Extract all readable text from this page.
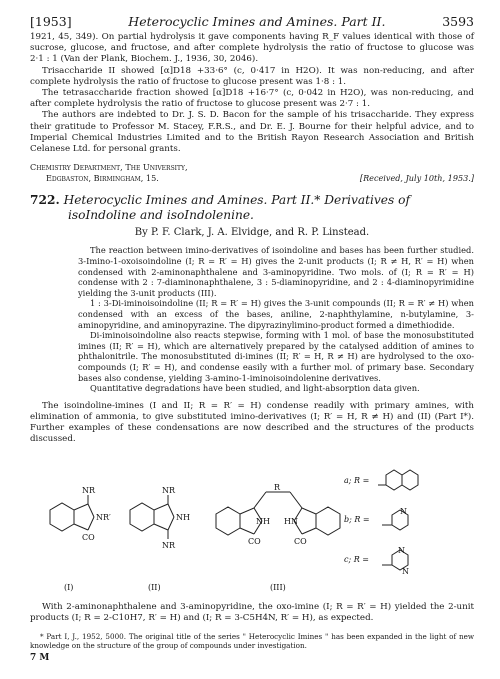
[1953]	Heterocyclic Imines and Amines. Part II.	3593

1921, 45, 349). On partial hydrolysis it gave components having R_F values identical with those of sucrose, glucose, and fructose, and after complete hydrolysis the ratio of fructose to glucose was 2·1 : 1 (Van der Plank, Biochem. J., 1936, 30, 2046).

Trisaccharide II showed [α]D18 +33·6° (c, 0·417 in H2O). It was non-reducing, and after complete hydrolysis the ratio of fructose to glucose present was 1·8 : 1.

The tetrasaccharide fraction showed [α]D18 +16·7° (c, 0·042 in H2O), was non-reducing, and after complete hydrolysis the ratio of fructose to glucose present was 2·7 : 1.

The authors are indebted to Dr. J. S. D. Bacon for the sample of his trisaccharide. They express their gratitude to Professor M. Stacey, F.R.S., and Dr. E. J. Bourne for their helpful advice, and to Imperial Chemical Industries Limited and to the British Rayon Research Association and British Celanese Ltd. for personal grants.

Chemistry Department, The University,
Edgbaston, Birmingham, 15.	[Received, July 10th, 1953.]
722. Heterocyclic Imines and Amines. Part II.* Derivatives of
isoIndoline and isoIndolenine.
By P. F. Clark, J. A. Elvidge, and R. P. Linstead.

The reaction between imino-derivatives of isoindoline and bases has been further studied. 3-Imino-1-oxoisoindoline (I; R = R′ = H) gives the 2-unit products (I; R ≠ H, R′ = H) when condensed with 2-aminonaphthalene and 3-aminopyridine. Two mols. of (I; R = R′ = H) condense with 2 : 7-diaminonaphthalene, 3 : 5-diaminopyridine, and 2 : 4-diaminopyrimidine yielding the 3-unit products (III).

1 : 3-Di-iminoisoindoline (II; R = R′ = H) gives the 3-unit compounds (II; R = R′ ≠ H) when condensed with an excess of the bases, aniline, 2-naphthylamine, n-butylamine, 3-aminopyridine, and aminopyrazine. The dipyrazinylimino-product formed a dimethiodide.

Di-iminoisoindoline also reacts stepwise, forming with 1 mol. of base the monosubstituted imines (II; R′ = H), which are alternatively prepared by the catalysed addition of amines to phthalonitrile. The monosubstituted di-imines (II; R′ = H, R ≠ H) are hydrolysed to the oxo-compounds (I; R′ = H), and condense easily with a further mol. of primary base. Secondary bases also condense, yielding 3-amino-1-iminoisoindolenine derivatives.

Quantitative degradations have been studied, and light-absorption data given.

The isoindoline-imines (I and II; R = R′ = H) condense readily with primary amines, with elimination of ammonia, to give substituted imino-derivatives (I; R′ = H, R ≠ H) and (II) (Part I*). Further examples of these condensations are now described and the structures of the products discussed.

NR
NR′
CO
NR
NH
NR
R
NH HN
CO	CO
N
N
N
a; R =
b; R =
c; R =
(I)	(II)	(III)

With 2-aminonaphthalene and 3-aminopyridine, the oxo-imine (I; R = R′ = H) yielded the 2-unit products (I; R = 2-C10H7, R′ = H) and (I; R = 3-C5H4N, R′ = H), as expected.

* Part I, J., 1952, 5000. The original title of the series " Heterocyclic Imines " has been expanded in the light of new knowledge on the structure of the group of compounds under investigation.

7 M
